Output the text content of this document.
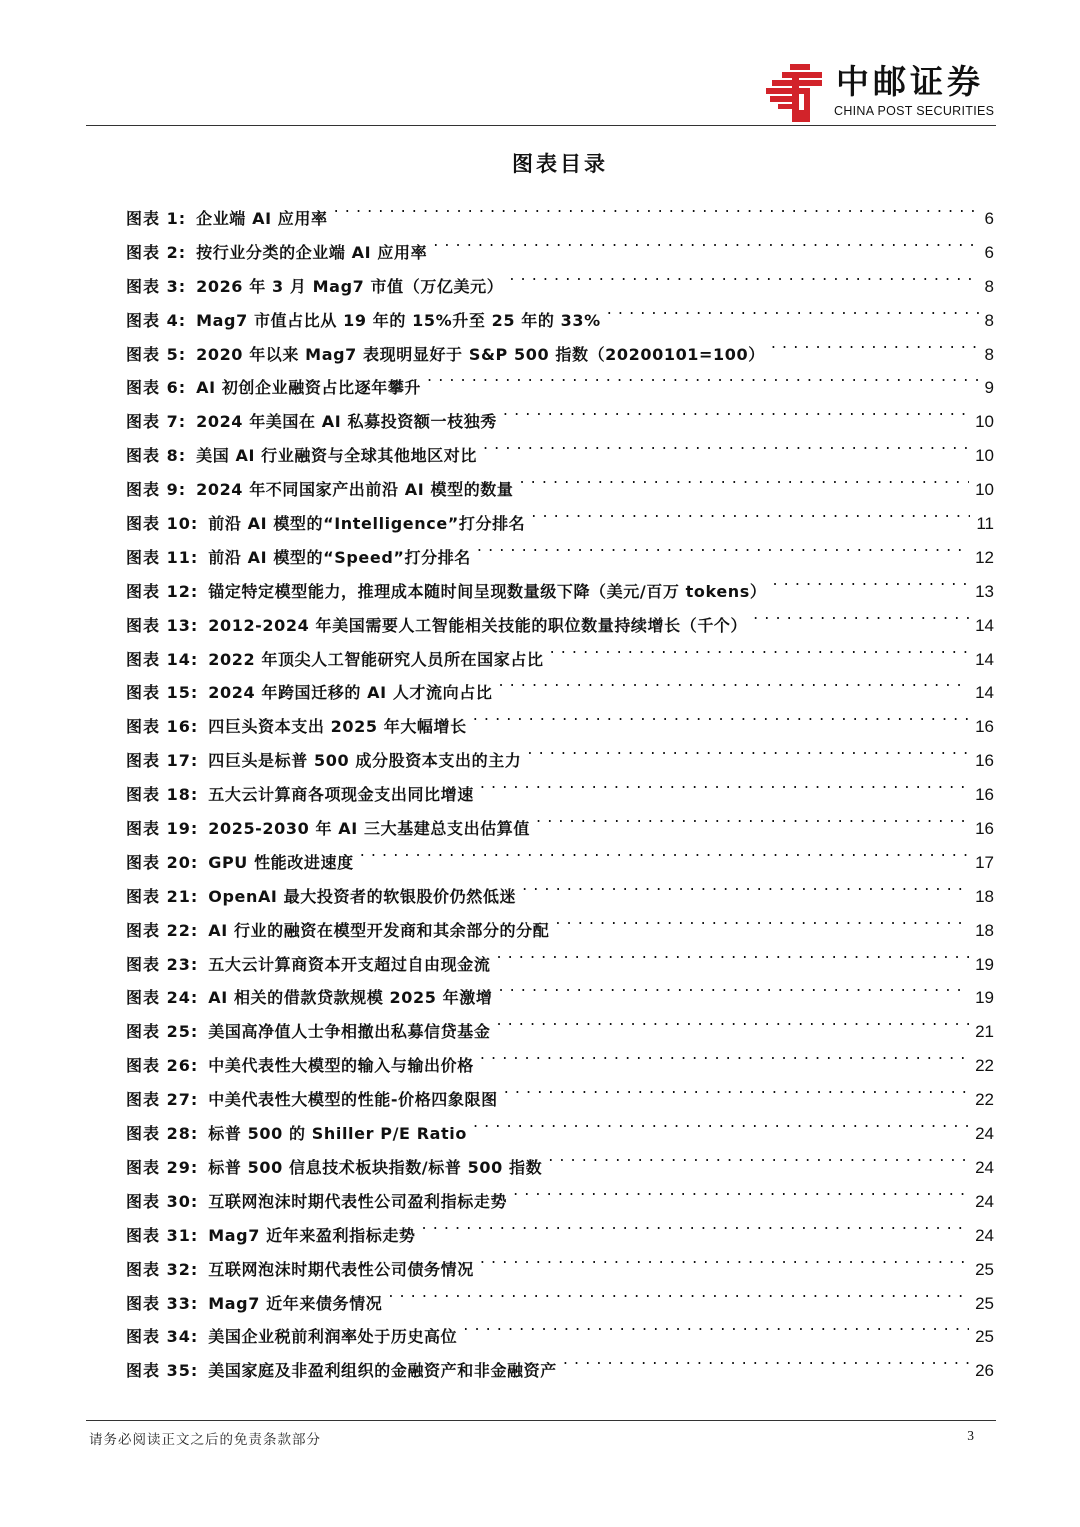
中邮证券
CHINA POST SECURITIES
图表目录
图表 1: 企业端 AI 应用率 . . .	6
图表 2: 按行业分类的企业端 AI 应用率 . . .	6
图表 3: 2026 年 3 月 Mag7 市值（万亿美元） . . .	8
图表 4: Mag7 市值占比从 19 年的 15%升至 25 年的 33% . . .	8
图表 5: 2020 年以来 Mag7 表现明显好于 S&P 500 指数（20200101=100） . . .	8
图表 6: AI 初创企业融资占比逐年攀升 . . .	9
图表 7: 2024 年美国在 AI 私募投资额一枝独秀 . . .	10
图表 8: 美国 AI 行业融资与全球其他地区对比 . . .	10
图表 9: 2024 年不同国家产出前沿 AI 模型的数量 . . .	10
图表 10: 前沿 AI 模型的“Intelligence”打分排名 . . .	11
图表 11: 前沿 AI 模型的“Speed”打分排名 . . .	12
图表 12: 锚定特定模型能力，推理成本随时间呈现数量级下降（美元/百万 tokens） . . .	13
图表 13: 2012-2024 年美国需要人工智能相关技能的职位数量持续增长（千个） . . .	14
图表 14: 2022 年顶尖人工智能研究人员所在国家占比 . . .	14
图表 15: 2024 年跨国迁移的 AI 人才流向占比 . . .	14
图表 16: 四巨头资本支出 2025 年大幅增长 . . .	16
图表 17: 四巨头是标普 500 成分股资本支出的主力 . . .	16
图表 18: 五大云计算商各项现金支出同比增速 . . .	16
图表 19: 2025-2030 年 AI 三大基建总支出估算值 . . .	16
图表 20: GPU 性能改进速度 . . .	17
图表 21: OpenAI 最大投资者的软银股价仍然低迷 . . .	18
图表 22: AI 行业的融资在模型开发商和其余部分的分配 . . .	18
图表 23: 五大云计算商资本开支超过自由现金流 . . .	19
图表 24: AI 相关的借款贷款规模 2025 年激增 . . .	19
图表 25: 美国高净值人士争相撤出私募信贷基金 . . .	21
图表 26: 中美代表性大模型的输入与输出价格 . . .	22
图表 27: 中美代表性大模型的性能-价格四象限图 . . .	22
图表 28: 标普 500 的 Shiller P/E Ratio . . .	24
图表 29: 标普 500 信息技术板块指数/标普 500 指数 . . .	24
图表 30: 互联网泡沫时期代表性公司盈利指标走势 . . .	24
图表 31: Mag7 近年来盈利指标走势 . . .	24
图表 32: 互联网泡沫时期代表性公司债务情况 . . .	25
图表 33: Mag7 近年来债务情况 . . .	25
图表 34: 美国企业税前利润率处于历史高位 . . .	25
图表 35: 美国家庭及非盈利组织的金融资产和非金融资产 . . .	26
请务必阅读正文之后的免责条款部分	3
